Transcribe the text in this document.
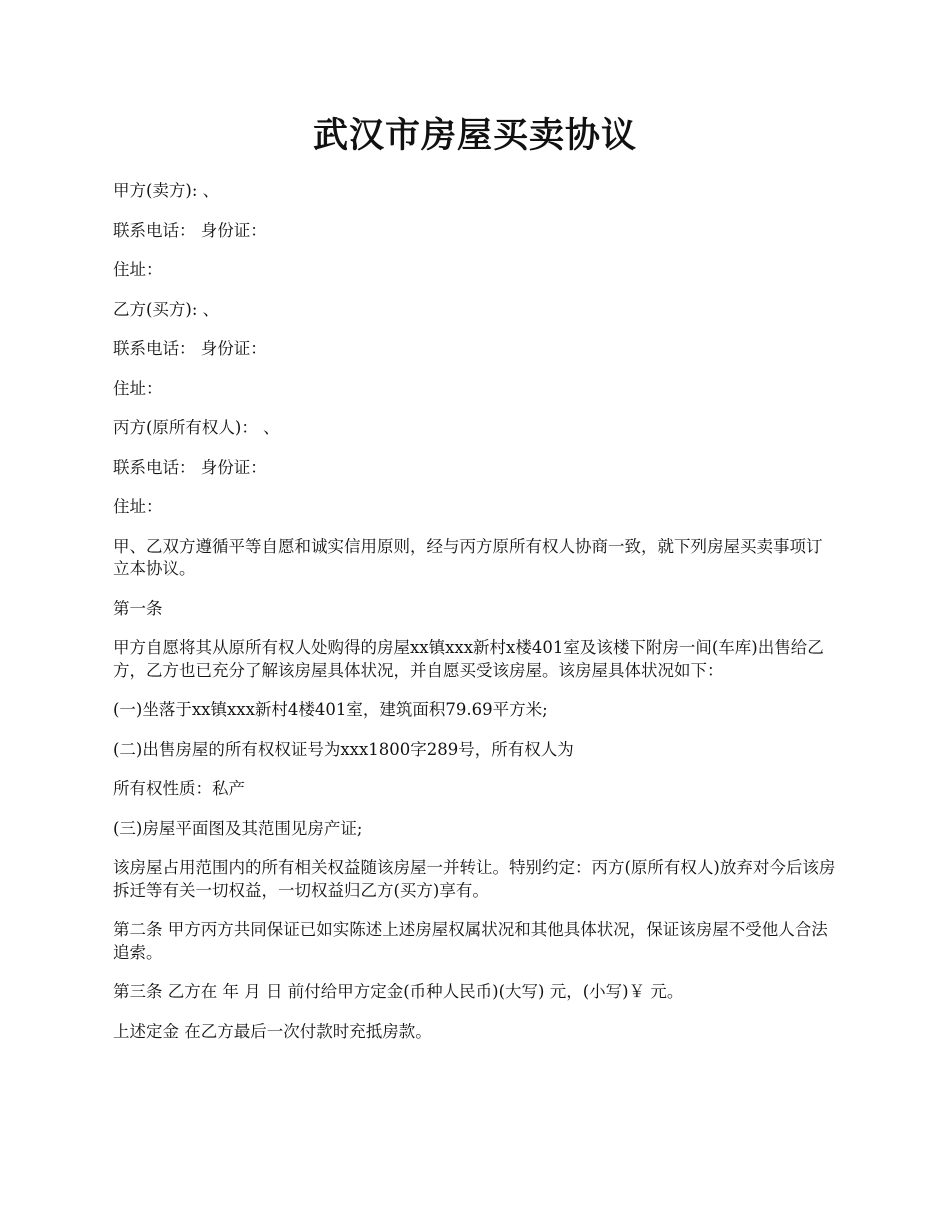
武汉市房屋买卖协议

甲方(卖方): 、

联系电话： 身份证：

住址：

乙方(买方): 、

联系电话： 身份证：

住址：

丙方(原所有权人)： 、

联系电话： 身份证：

住址：

甲、乙双方遵循平等自愿和诚实信用原则，经与丙方原所有权人协商一致，就下列房屋买卖事项订立本协议。

第一条

甲方自愿将其从原所有权人处购得的房屋xx镇xxx新村x楼401室及该楼下附房一间(车库)出售给乙方，乙方也已充分了解该房屋具体状况，并自愿买受该房屋。该房屋具体状况如下：

(一)坐落于xx镇xxx新村4楼401室，建筑面积79.69平方米;

(二)出售房屋的所有权权证号为xxx1800字289号，所有权人为

所有权性质：私产

(三)房屋平面图及其范围见房产证;

该房屋占用范围内的所有相关权益随该房屋一并转让。特别约定：丙方(原所有权人)放弃对今后该房拆迁等有关一切权益，一切权益归乙方(买方)享有。

第二条 甲方丙方共同保证已如实陈述上述房屋权属状况和其他具体状况，保证该房屋不受他人合法追索。

第三条 乙方在 年 月 日 前付给甲方定金(币种人民币)(大写) 元，(小写)￥ 元。

上述定金 在乙方最后一次付款时充抵房款。
